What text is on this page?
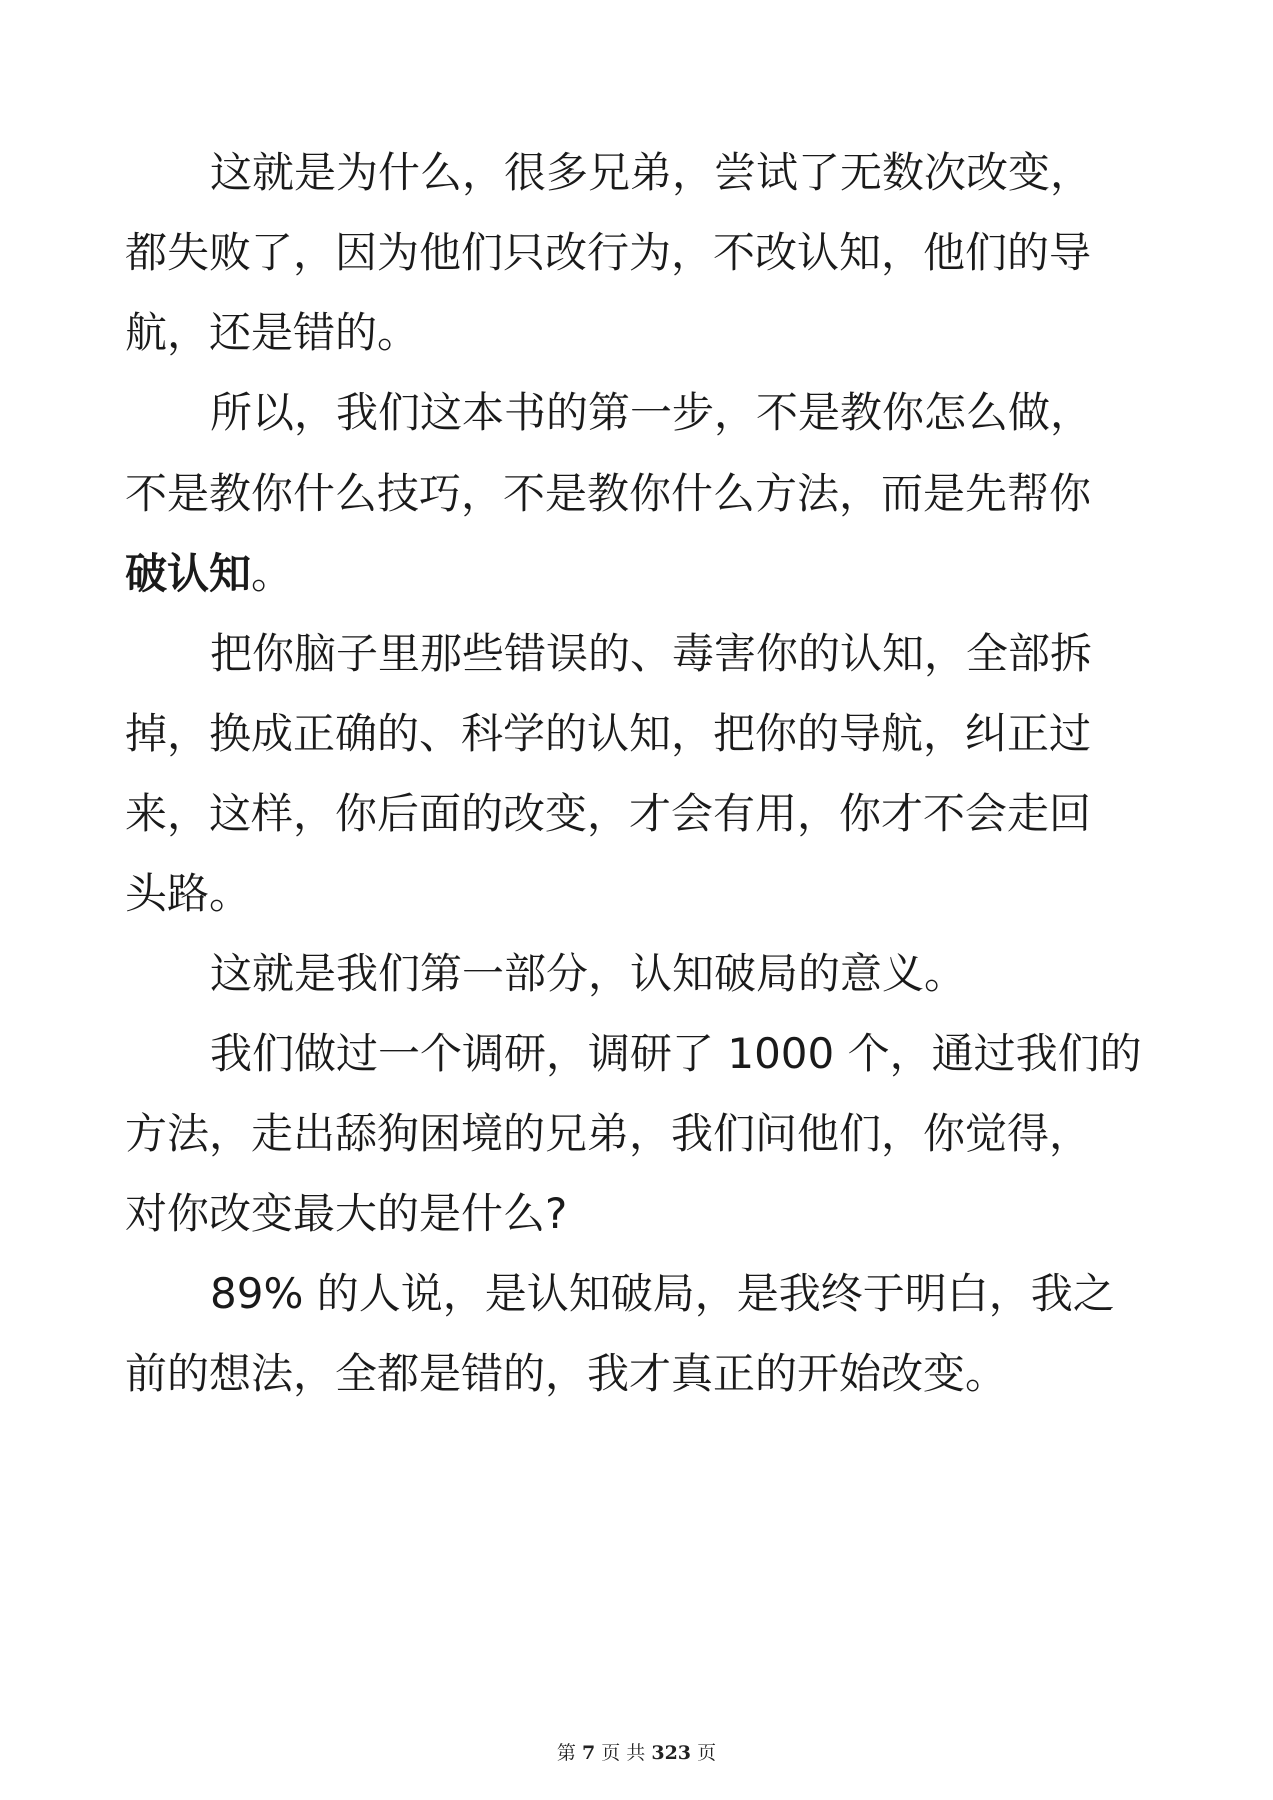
这就是为什么，很多兄弟，尝试了无数次改变，
都失败了，因为他们只改行为，不改认知，他们的导
航，还是错的。
所以，我们这本书的第一步，不是教你怎么做，
不是教你什么技巧，不是教你什么方法，而是先帮你
破认知。
把你脑子里那些错误的、毒害你的认知，全部拆
掉，换成正确的、科学的认知，把你的导航，纠正过
来，这样，你后面的改变，才会有用，你才不会走回
头路。
这就是我们第一部分，认知破局的意义。
我们做过一个调研，调研了 1000 个，通过我们的
方法，走出舔狗困境的兄弟，我们问他们，你觉得，
对你改变最大的是什么?
89% 的人说，是认知破局，是我终于明白，我之
前的想法，全都是错的，我才真正的开始改变。
第 7 页 共 323 页
